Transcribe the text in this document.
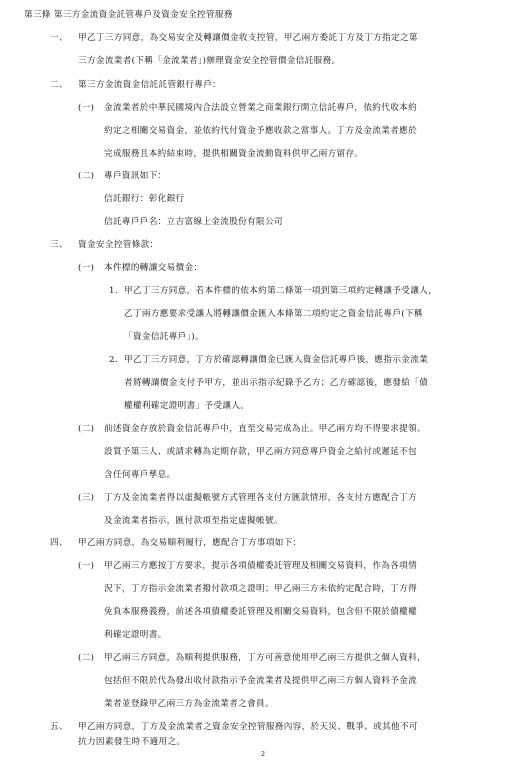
第三條 第三方金流資金託管專戶及資金安全控管服務
一、 甲乙丁三方同意，為交易安全及轉讓價金收支控管，甲乙兩方委託丁方及丁方指定之第
三方金流業者(下稱「金流業者」)辦理資金安全控管價金信託服務。
二、 第三方金流資金信託託管銀行專戶：
(一) 金流業者於中華民國境內合法設立營業之商業銀行開立信託專戶，依約代收本約
約定之相關交易資金，並依約代付資金予應收款之當事人。丁方及金流業者應於
完成服務且本約結束時，提供相關資金流動資料供甲乙兩方留存。
(二) 專戶資訊如下：
信託銀行：彰化銀行
信託專戶戶名：立吉富線上金流股份有限公司
三、 資金安全控管條款：
(一) 本件標的轉讓交易價金：
1. 甲乙丁三方同意，若本件標的依本約第二條第一項到第三項約定轉讓予受讓人，
乙丁兩方應要求受讓人將轉讓價金匯入本條第二項約定之資金信託專戶(下稱
「資金信託專戶」)。
2. 甲乙丁三方同意，丁方於確認轉讓價金已匯入資金信託專戶後，應指示金流業
者將轉讓價金支付予甲方，並出示指示紀錄予乙方；乙方確認後，應發給「債
權權利確定證明書」予受讓人。
(二) 前述資金存放於資金信託專戶中，直至交易完成為止。甲乙兩方均不得要求提領、
設質予第三人、或請求轉為定期存款，甲乙兩方同意專戶資金之給付或遲延不包
含任何專戶孳息。
(三) 丁方及金流業者得以虛擬帳號方式管理各支付方匯款情形，各支付方應配合丁方
及金流業者指示，匯付款項至指定虛擬帳號。
四、 甲乙兩方同意，為交易順利履行，應配合丁方事項如下：
(一) 甲乙兩三方應按丁方要求，提示各項債權委託管理及相關交易資料，作為各項情
況下，丁方指示金流業者撥付款項之證明；甲乙兩三方未依約定配合時，丁方得
免負本服務義務，前述各項債權委託管理及相關交易資料，包含但不限於債權權
利確定證明書。
(二) 甲乙兩三方同意，為順利提供服務，丁方可善意使用甲乙兩三方提供之個人資料，
包括但不限於代為發出收付款指示予金流業者及提供甲乙兩三方個人資料予金流
業者並登錄甲乙兩三方為金流業者之會員。
五、 甲乙兩方同意，丁方及金流業者之資金安全控管服務內容，於天災、戰爭、或其他不可
抗力因素發生時不適用之。
2
